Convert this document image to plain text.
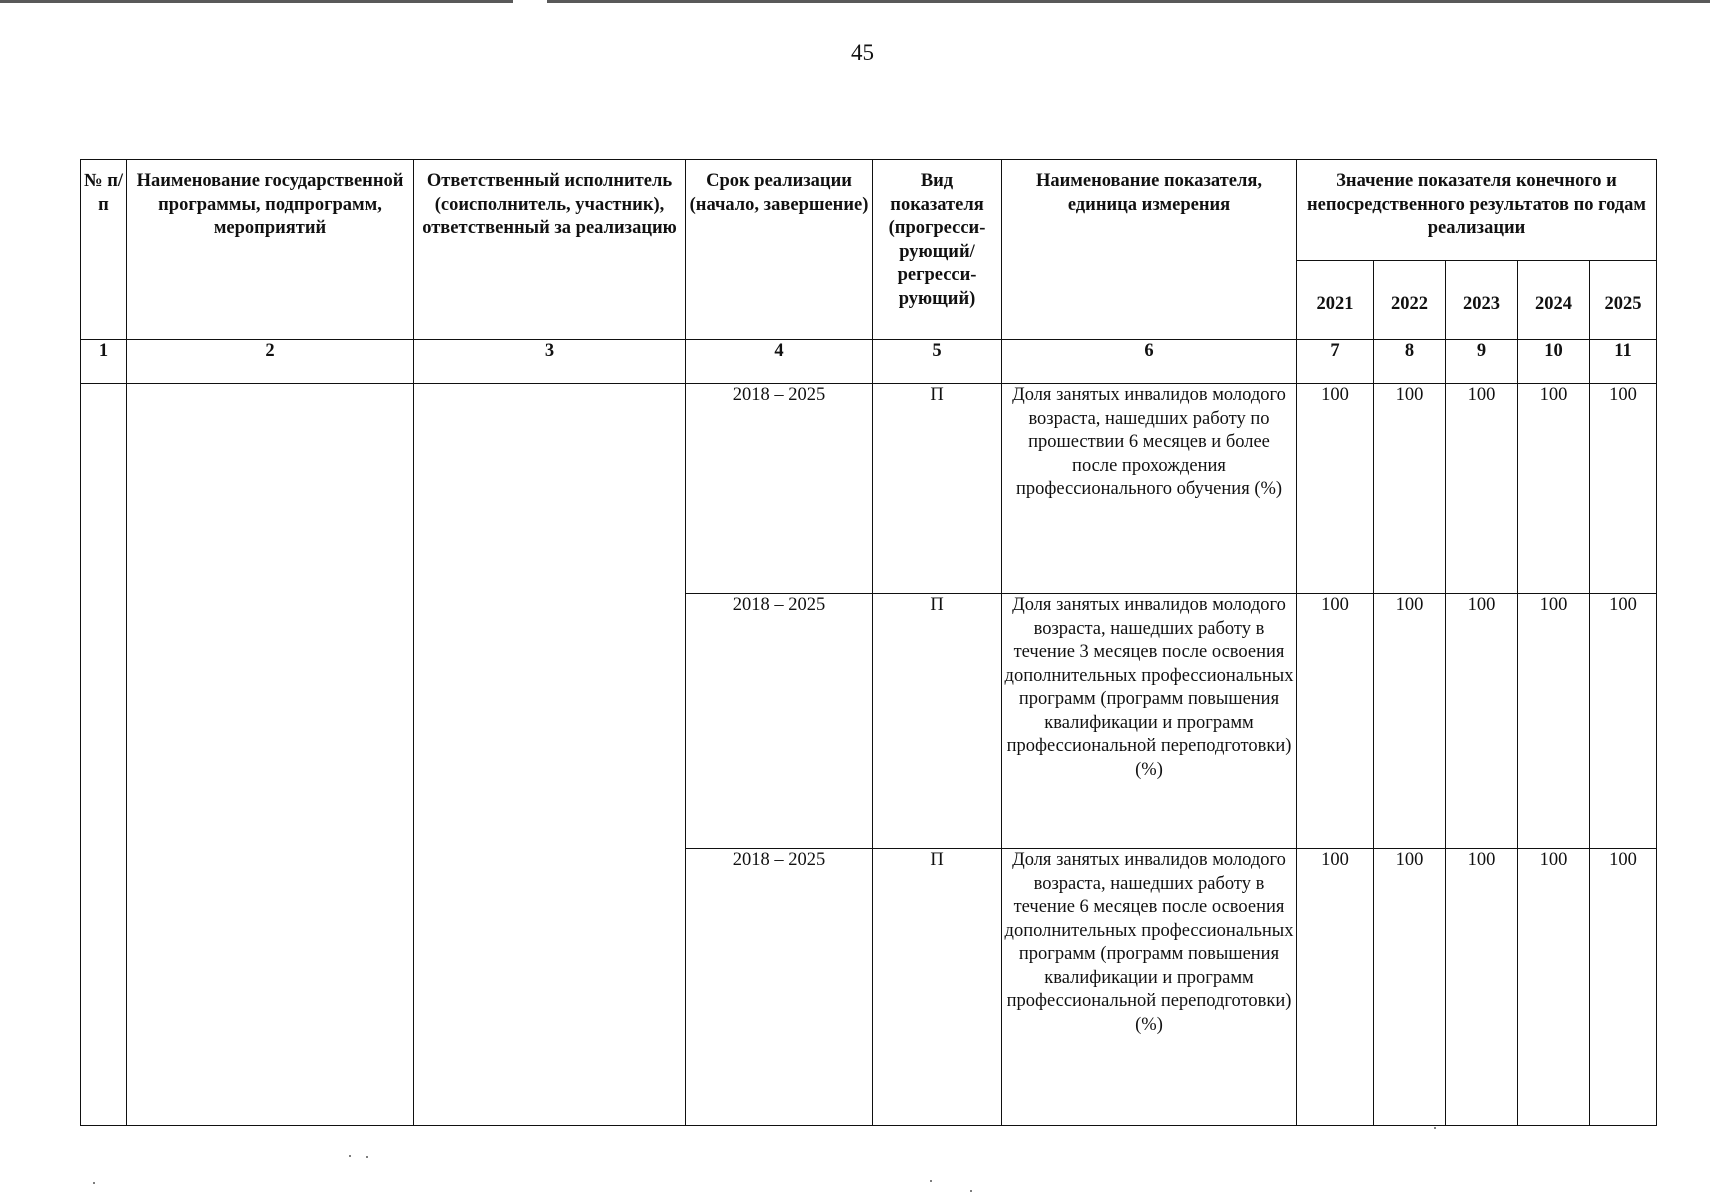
45
№ п/п	Наименование государственной программы, подпрограмм, мероприятий	Ответственный исполнитель (соисполнитель, участник), ответственный за реализацию	Срок реализации (начало, завершение)	Вид показателя (прогресси-рующий/ регресси-рующий)	Наименование показателя, единица измерения	Значение показателя конечного и непосредственного результатов по годам реализации				
						2021	2022	2023	2024	2025
1	2	3	4	5	6	7	8	9	10	11
			2018 – 2025	П	Доля занятых инвалидов молодого возраста, нашедших работу по прошествии 6 месяцев и более после прохождения профессионального обучения (%)	100	100	100	100	100
			2018 – 2025	П	Доля занятых инвалидов молодого возраста, нашедших работу в течение 3 месяцев после освоения дополнительных профессиональных программ (программ повышения квалификации и программ профессиональной переподготовки) (%)	100	100	100	100	100
			2018 – 2025	П	Доля занятых инвалидов молодого возраста, нашедших работу в течение 6 месяцев после освоения дополнительных профессиональных программ (программ повышения квалификации и программ профессиональной переподготовки) (%)	100	100	100	100	100
